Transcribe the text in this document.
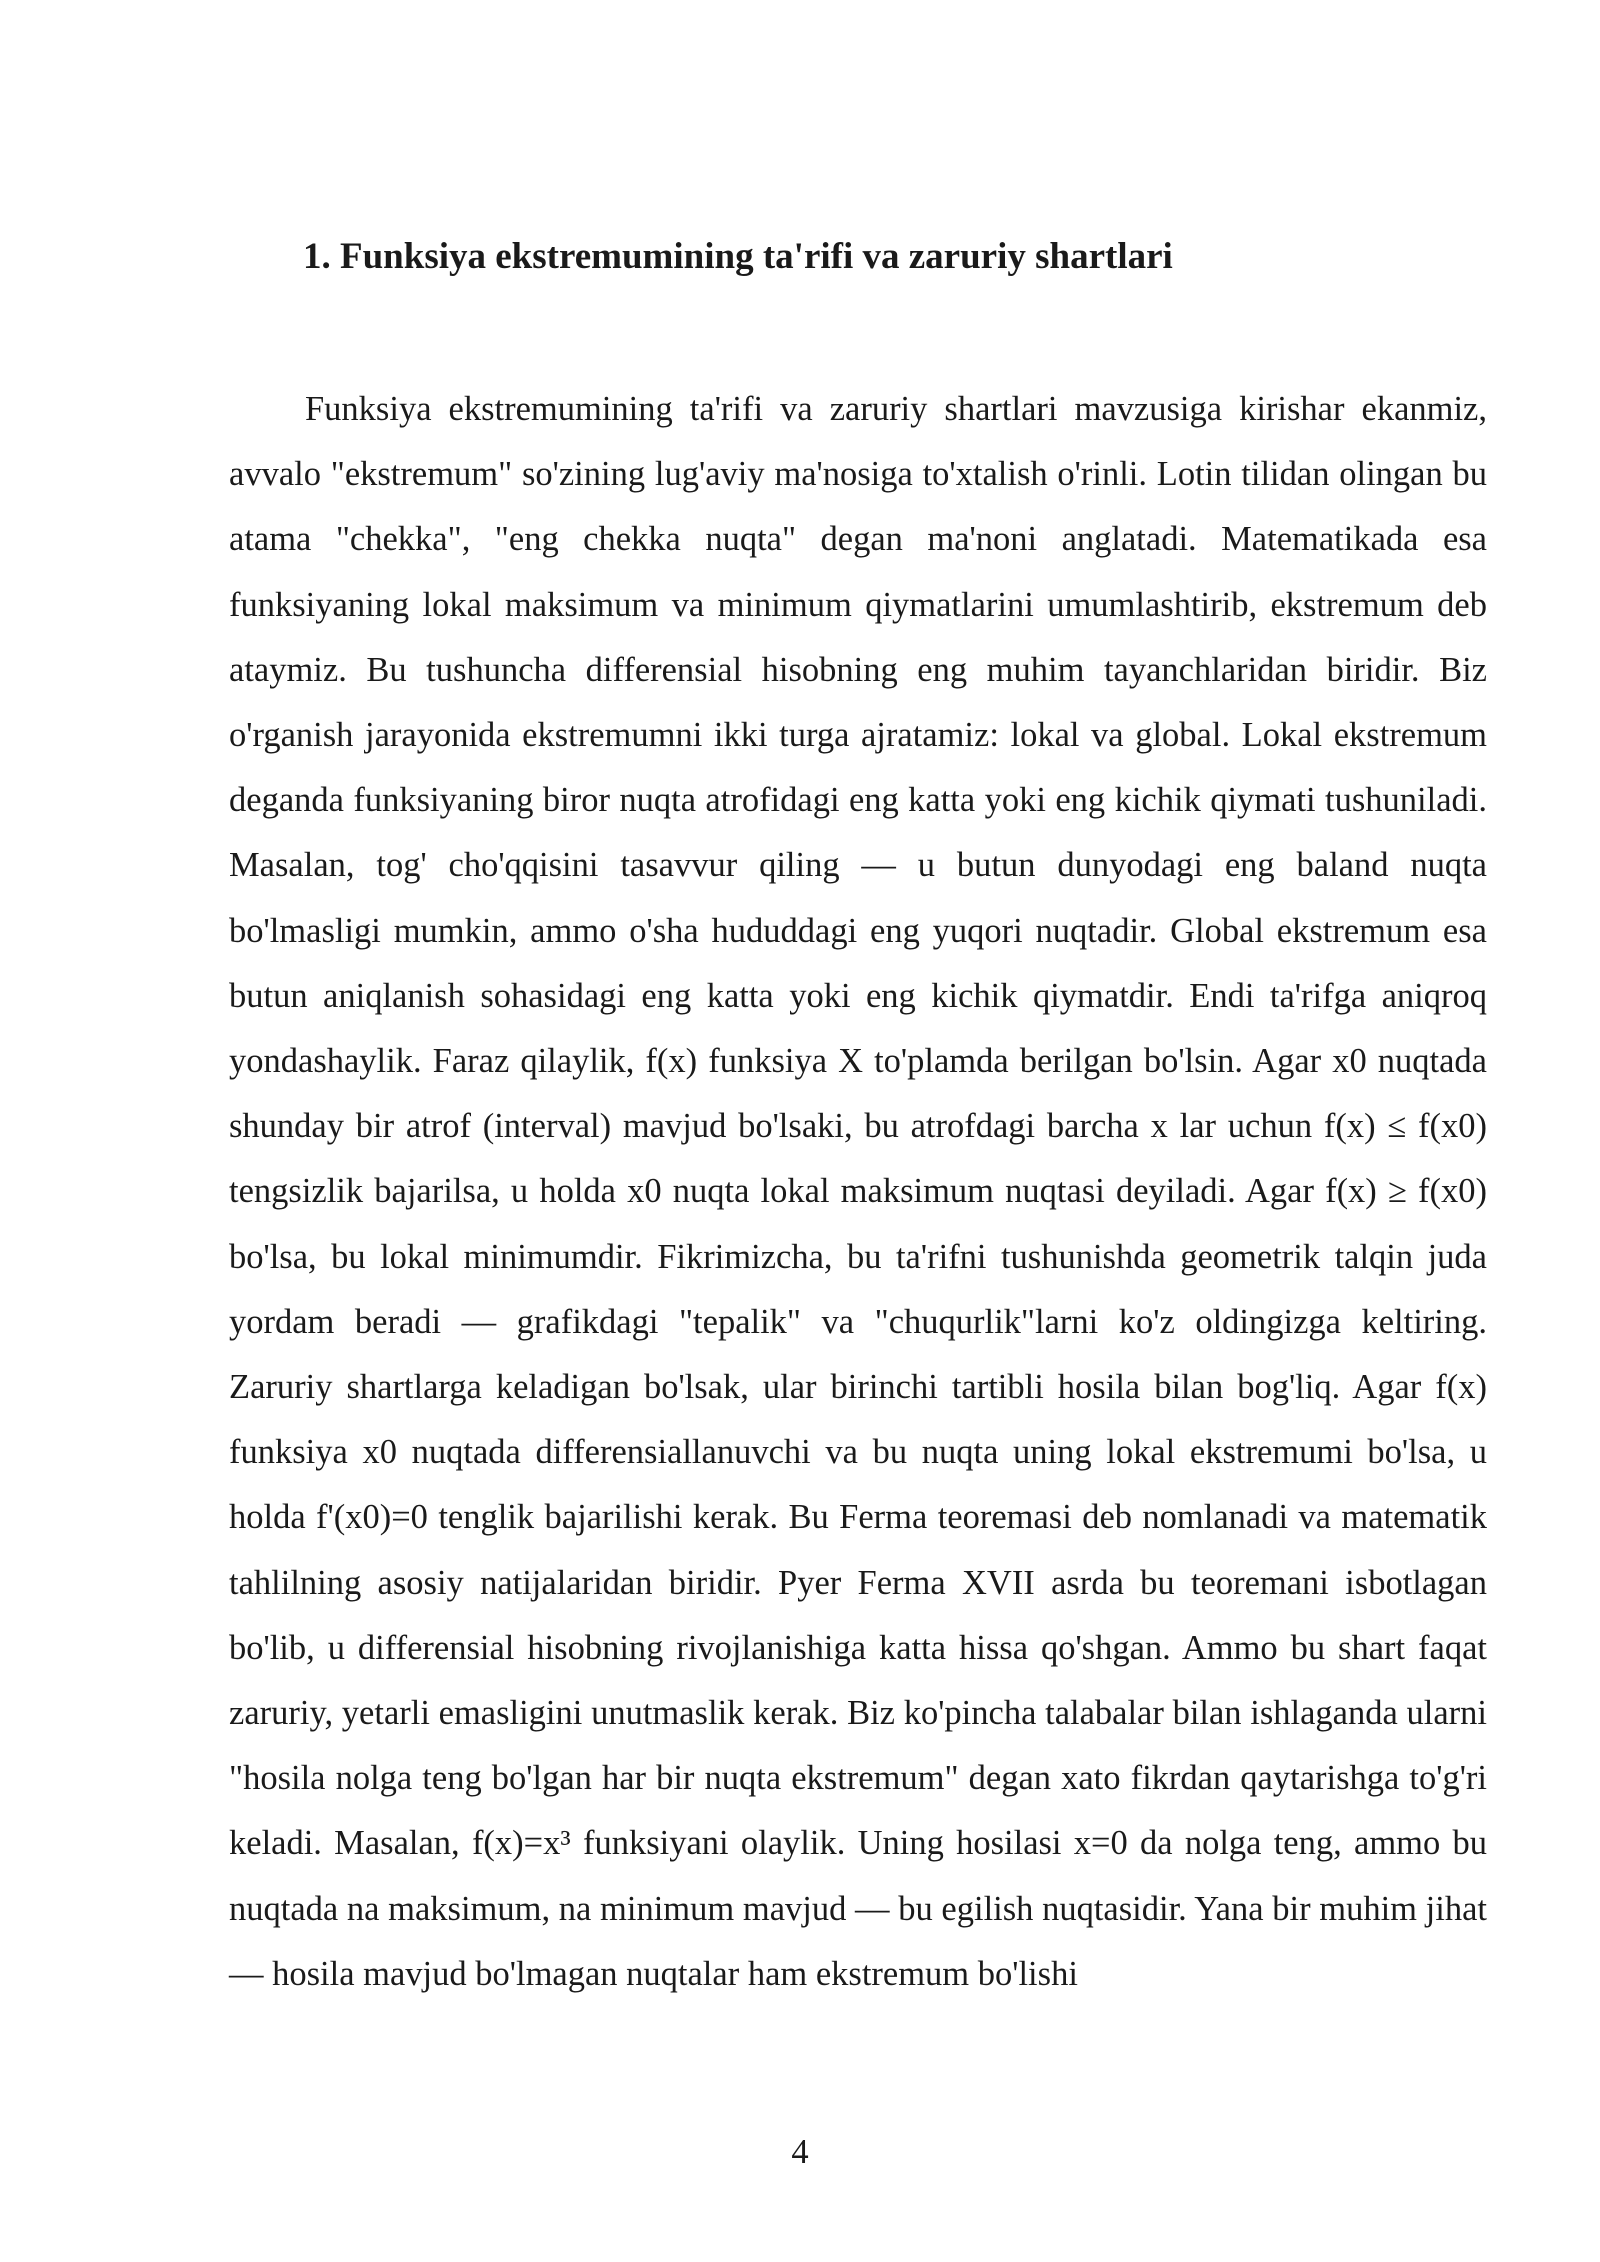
1. Funksiya ekstremumining ta'rifi va zaruriy shartlari

Funksiya ekstremumining ta'rifi va zaruriy shartlari mavzusiga kirishar ekanmiz, avvalo "ekstremum" so'zining lug'aviy ma'nosiga to'xtalish o'rinli. Lotin tilidan olingan bu atama "chekka", "eng chekka nuqta" degan ma'noni anglatadi. Matematikada esa funksiyaning lokal maksimum va minimum qiymatlarini umumlashtirib, ekstremum deb ataymiz. Bu tushuncha differensial hisobning eng muhim tayanchlaridan biridir. Biz o'rganish jarayonida ekstremumni ikki turga ajratamiz: lokal va global. Lokal ekstremum deganda funksiyaning biror nuqta atrofidagi eng katta yoki eng kichik qiymati tushuniladi. Masalan, tog' cho'qqisini tasavvur qiling — u butun dunyodagi eng baland nuqta bo'lmasligi mumkin, ammo o'sha hududdagi eng yuqori nuqtadir. Global ekstremum esa butun aniqlanish sohasidagi eng katta yoki eng kichik qiymatdir. Endi ta'rifga aniqroq yondashaylik. Faraz qilaylik, f(x) funksiya X to'plamda berilgan bo'lsin. Agar x0 nuqtada shunday bir atrof (interval) mavjud bo'lsaki, bu atrofdagi barcha x lar uchun f(x) ≤ f(x0) tengsizlik bajarilsa, u holda x0 nuqta lokal maksimum nuqtasi deyiladi. Agar f(x) ≥ f(x0) bo'lsa, bu lokal minimumdir. Fikrimizcha, bu ta'rifni tushunishda geometrik talqin juda yordam beradi — grafikdagi "tepalik" va "chuqurlik"larni ko'z oldingizga keltiring. Zaruriy shartlarga keladigan bo'lsak, ular birinchi tartibli hosila bilan bog'liq. Agar f(x) funksiya x0 nuqtada differensiallanuvchi va bu nuqta uning lokal ekstremumi bo'lsa, u holda f'(x0)=0 tenglik bajarilishi kerak. Bu Ferma teoremasi deb nomlanadi va matematik tahlilning asosiy natijalaridan biridir. Pyer Ferma XVII asrda bu teoremani isbotlagan bo'lib, u differensial hisobning rivojlanishiga katta hissa qo'shgan. Ammo bu shart faqat zaruriy, yetarli emasligini unutmaslik kerak. Biz ko'pincha talabalar bilan ishlaganda ularni "hosila nolga teng bo'lgan har bir nuqta ekstremum" degan xato fikrdan qaytarishga to'g'ri keladi. Masalan, f(x)=x³ funksiyani olaylik. Uning hosilasi x=0 da nolga teng, ammo bu nuqtada na maksimum, na minimum mavjud — bu egilish nuqtasidir. Yana bir muhim jihat — hosila mavjud bo'lmagan nuqtalar ham ekstremum bo'lishi

4
